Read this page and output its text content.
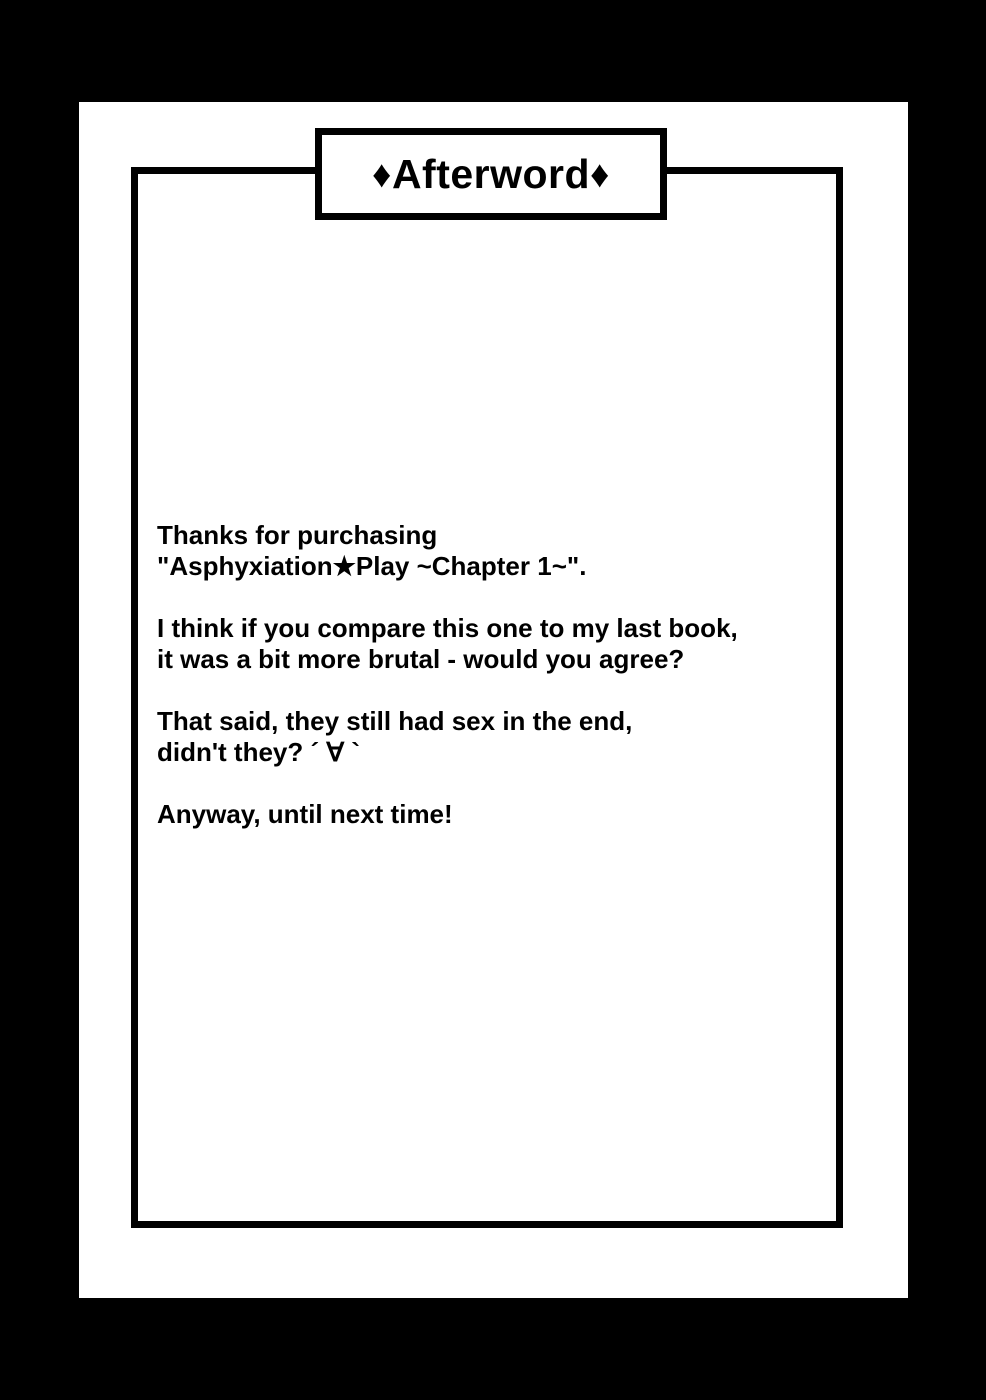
♦ Afterword ♦
Thanks for purchasing
"Asphyxiation★Play ~Chapter 1~".
I think if you compare this one to my last book,
it was a bit more brutal - would you agree?
That said, they still had sex in the end,
didn't they? ´ ∀ `
Anyway, until next time!
